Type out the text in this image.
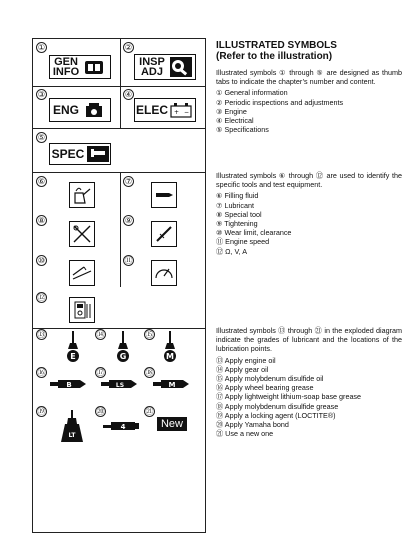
①
GEN
INFO
②
INSP
ADJ
③
ENG
④
ELEC + −
⑤
SPEC
⑥	⑦
⑧	⑨
⑩	⑪
⑫
⑬	⑭	⑮
E	G	M
⑯	⑰	⑱
B	LS	M
⑲	⑳	㉑
LT
4	New
ILLUSTRATED SYMBOLS
(Refer to the illustration)

Illustrated symbols ① through ⑤ are designed as thumb tabs to indicate the chapter’s number and content.

① General information
② Periodic inspections and adjustments
③ Engine
④ Electrical
⑤ Specifications

Illustrated symbols ⑥ through ⑫ are used to identify the specific tools and test equipment.

⑥ Filling fluid
⑦ Lubricant
⑧ Special tool
⑨ Tightening
⑩ Wear limit, clearance
⑪ Engine speed
⑫ Ω, V, A

Illustrated symbols ⑬ through ㉑ in the exploded diagram indicate the grades of lubricant and the locations of the lubrication points.

⑬ Apply engine oil
⑭ Apply gear oil
⑮ Apply molybdenum disulfide oil
⑯ Apply wheel bearing grease
⑰ Apply lightweight lithium-soap base grease
⑱ Apply molybdenum disulfide grease
⑲ Apply a locking agent (LOCTITE®)
⑳ Apply Yamaha bond
㉑ Use a new one
